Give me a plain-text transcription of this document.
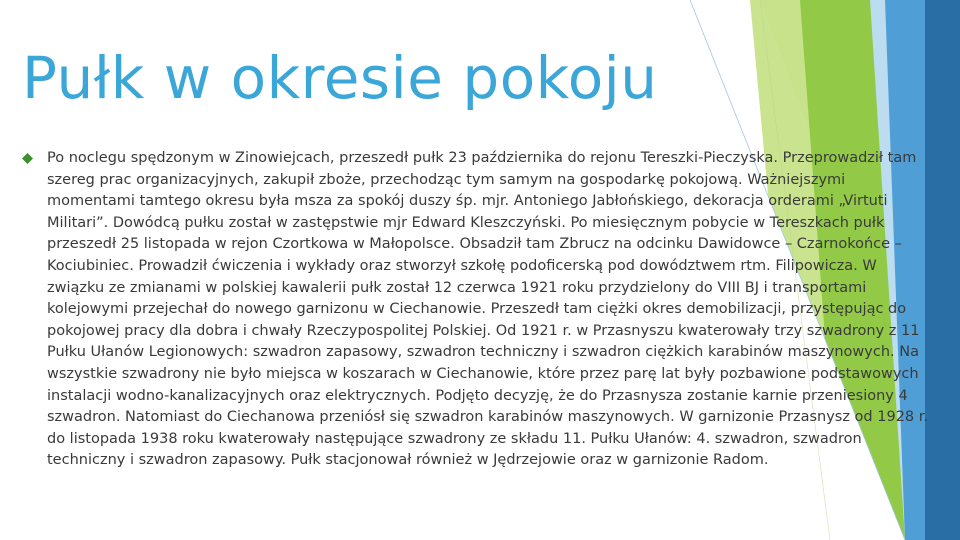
Pułk w okresie pokoju

Po noclegu spędzonym w Zinowiejcach, przeszedł pułk 23 października do rejonu Tereszki-Pieczyska. Przeprowadził tam szereg prac organizacyjnych, zakupił zboże, przechodząc tym samym na gospodarkę pokojową. Ważniejszymi momentami tamtego okresu była msza za spokój duszy śp. mjr. Antoniego Jabłońskiego, dekoracja orderami „Virtuti Militari”. Dowódcą pułku został w zastępstwie mjr Edward Kleszczyński. Po miesięcznym pobycie w Tereszkach pułk przeszedł 25 listopada w rejon Czortkowa w Małopolsce. Obsadził tam Zbrucz na odcinku Dawidowce – Czarnokońce – Kociubiniec. Prowadził ćwiczenia i wykłady oraz stworzył szkołę podoficerską pod dowództwem rtm. Filipowicza. W związku ze zmianami w polskiej kawalerii pułk został 12 czerwca 1921 roku przydzielony do VIII BJ i transportami kolejowymi przejechał do nowego garnizonu w Ciechanowie. Przeszedł tam ciężki okres demobilizacji, przystępując do pokojowej pracy dla dobra i chwały Rzeczypospolitej Polskiej. Od 1921 r. w Przasnyszu kwaterowały trzy szwadrony z 11 Pułku Ułanów Legionowych: szwadron zapasowy, szwadron techniczny i szwadron ciężkich karabinów maszynowych. Na wszystkie szwadrony nie było miejsca w koszarach w Ciechanowie, które przez parę lat były pozbawione podstawowych instalacji wodno-kanalizacyjnych oraz elektrycznych. Podjęto decyzję, że do Przasnysza zostanie karnie przeniesiony 4 szwadron. Natomiast do Ciechanowa przeniósł się szwadron karabinów maszynowych. W garnizonie Przasnysz od 1928 r. do listopada 1938 roku kwaterowały następujące szwadrony ze składu 11. Pułku Ułanów: 4. szwadron, szwadron techniczny i szwadron zapasowy. Pułk stacjonował również w Jędrzejowie oraz w garnizonie Radom.
